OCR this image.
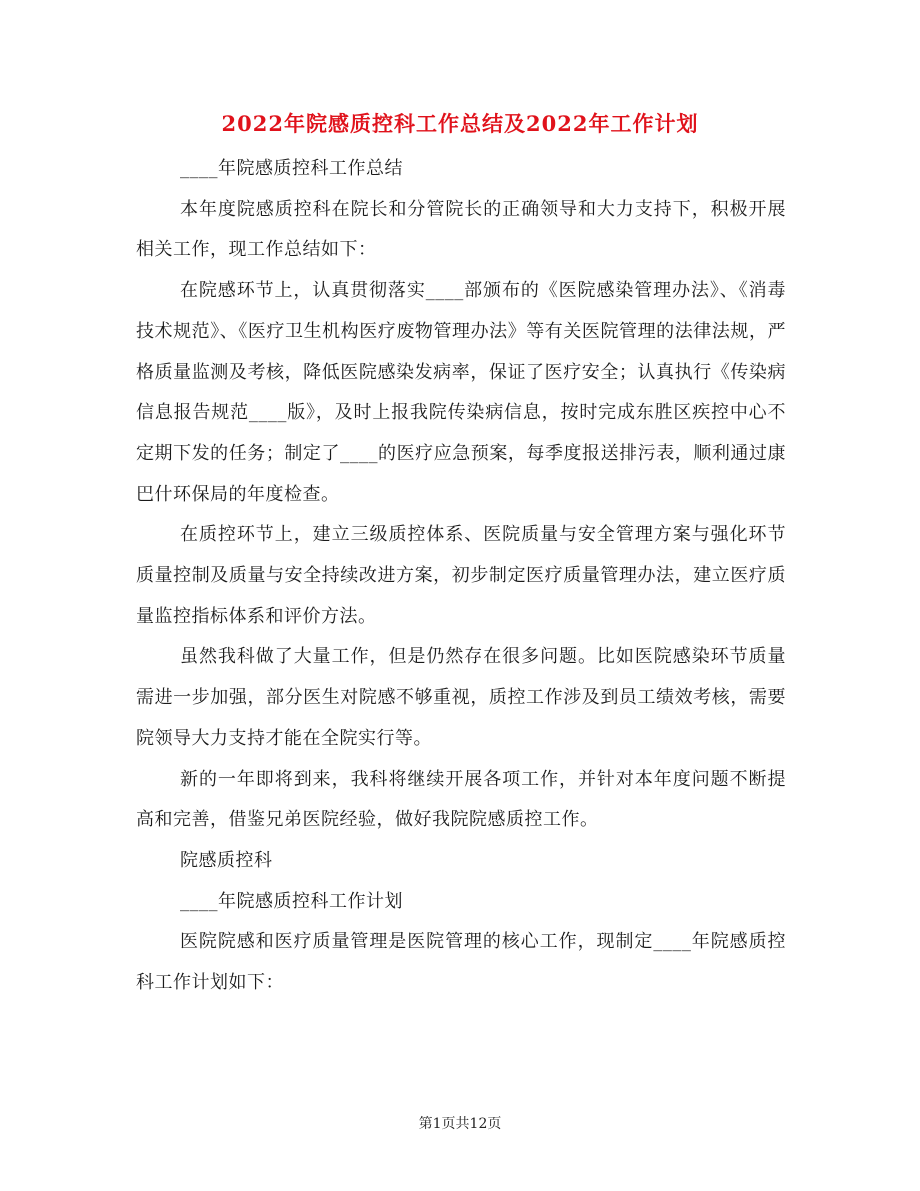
2022年院感质控科工作总结及2022年工作计划

____年院感质控科工作总结

本年度院感质控科在院长和分管院长的正确领导和大力支持下，积极开展相关工作，现工作总结如下：

在院感环节上，认真贯彻落实____部颁布的《医院感染管理办法》、《消毒技术规范》、《医疗卫生机构医疗废物管理办法》等有关医院管理的法律法规，严格质量监测及考核，降低医院感染发病率，保证了医疗安全；认真执行《传染病信息报告规范____版》，及时上报我院传染病信息，按时完成东胜区疾控中心不定期下发的任务；制定了____的医疗应急预案，每季度报送排污表，顺利通过康巴什环保局的年度检查。

在质控环节上，建立三级质控体系、医院质量与安全管理方案与强化环节质量控制及质量与安全持续改进方案，初步制定医疗质量管理办法，建立医疗质量监控指标体系和评价方法。

虽然我科做了大量工作，但是仍然存在很多问题。比如医院感染环节质量需进一步加强，部分医生对院感不够重视，质控工作涉及到员工绩效考核，需要院领导大力支持才能在全院实行等。

新的一年即将到来，我科将继续开展各项工作，并针对本年度问题不断提高和完善，借鉴兄弟医院经验，做好我院院感质控工作。

院感质控科

____年院感质控科工作计划

医院院感和医疗质量管理是医院管理的核心工作，现制定____年院感质控科工作计划如下：

第1页共12页
